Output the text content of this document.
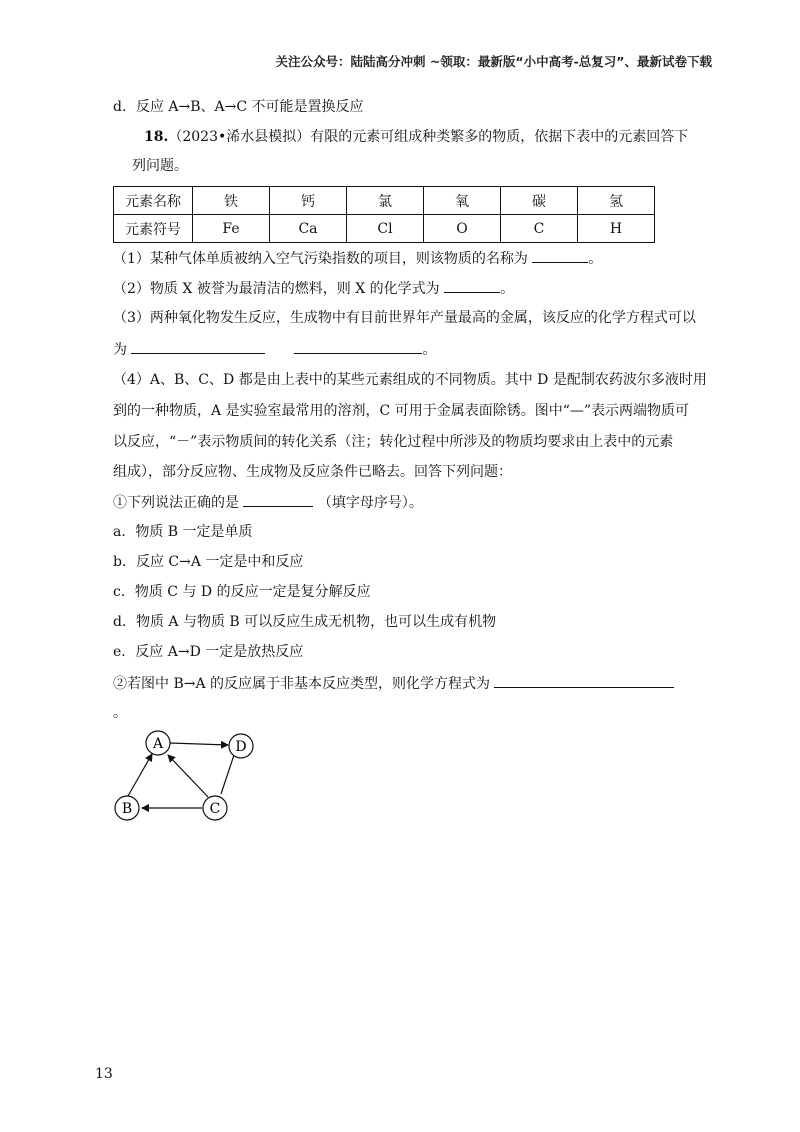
关注公众号：陆陆高分冲刺 ~领取：最新版“小中高考-总复习”、最新试卷下载
d．反应 A→B、A→C 不可能是置换反应
18.（2023•浠水县模拟）有限的元素可组成种类繁多的物质，依据下表中的元素回答下
列问题。
元素名称	铁	钙	氯	氧	碳	氢
元素符号	Fe	Ca	Cl	O	C	H
（1）某种气体单质被纳入空气污染指数的项目，则该物质的名称为	。
（2）物质 X 被誉为最清洁的燃料，则 X 的化学式为	。
（3）两种氧化物发生反应，生成物中有目前世界年产量最高的金属，该反应的化学方程式可以
为	。
（4）A、B、C、D 都是由上表中的某些元素组成的不同物质。其中 D 是配制农药波尔多液时用
到的一种物质，A 是实验室最常用的溶剂，C 可用于金属表面除锈。图中“—”表示两端物质可
以反应，“－”表示物质间的转化关系（注；转化过程中所涉及的物质均要求由上表中的元素
组成），部分反应物、生成物及反应条件已略去。回答下列问题：
①下列说法正确的是	（填字母序号）。
a．物质 B 一定是单质
b．反应 C→A 一定是中和反应
c．物质 C 与 D 的反应一定是复分解反应
d．物质 A 与物质 B 可以反应生成无机物，也可以生成有机物
e．反应 A→D 一定是放热反应
②若图中 B→A 的反应属于非基本反应类型，则化学方程式为
。
A
B	C
D
13
